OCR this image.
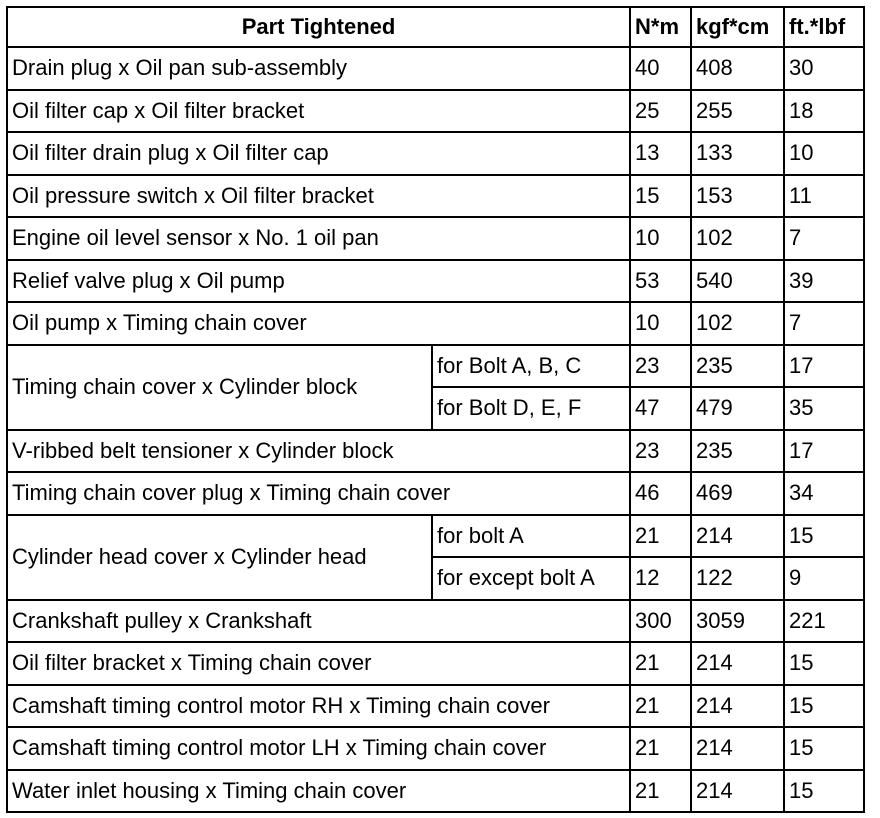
Part Tightened		N*m	kgf*cm	ft.*lbf
Drain plug x Oil pan sub-assembly		40	408	30
Oil filter cap x Oil filter bracket		25	255	18
Oil filter drain plug x Oil filter cap		13	133	10
Oil pressure switch x Oil filter bracket		15	153	11
Engine oil level sensor x No. 1 oil pan		10	102	7
Relief valve plug x Oil pump		53	540	39
Oil pump x Timing chain cover		10	102	7
Timing chain cover x Cylinder block	for Bolt A, B, C	23	235	17
	for Bolt D, E, F	47	479	35
V-ribbed belt tensioner x Cylinder block		23	235	17
Timing chain cover plug x Timing chain cover		46	469	34
Cylinder head cover x Cylinder head	for bolt A	21	214	15
	for except bolt A	12	122	9
Crankshaft pulley x Crankshaft		300	3059	221
Oil filter bracket x Timing chain cover		21	214	15
Camshaft timing control motor RH x Timing chain cover		21	214	15
Camshaft timing control motor LH x Timing chain cover		21	214	15
Water inlet housing x Timing chain cover		21	214	15
